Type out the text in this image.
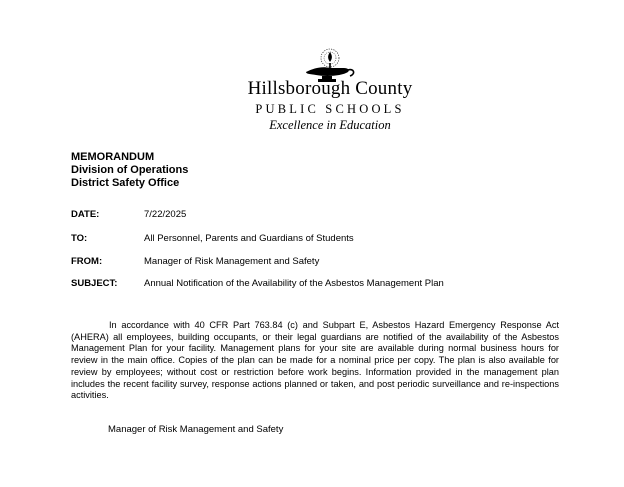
Hillsborough County
PUBLIC SCHOOLS
Excellence in Education
MEMORANDUM
Division of Operations
District Safety Office
DATE:	7/22/2025
TO:	All Personnel, Parents and Guardians of Students
FROM:	Manager of Risk Management and Safety
SUBJECT:	Annual Notification of the Availability of the Asbestos Management Plan
In accordance with 40 CFR Part 763.84 (c) and Subpart E, Asbestos Hazard Emergency Response Act (AHERA) all employees, building occupants, or their legal guardians are notified of the availability of the Asbestos Management Plan for your facility. Management plans for your site are available during normal business hours for review in the main office. Copies of the plan can be made for a nominal price per copy. The plan is also available for review by employees; without cost or restriction before work begins. Information provided in the management plan includes the recent facility survey, response actions planned or taken, and post periodic surveillance and re-inspections activities.
Manager of Risk Management and Safety
